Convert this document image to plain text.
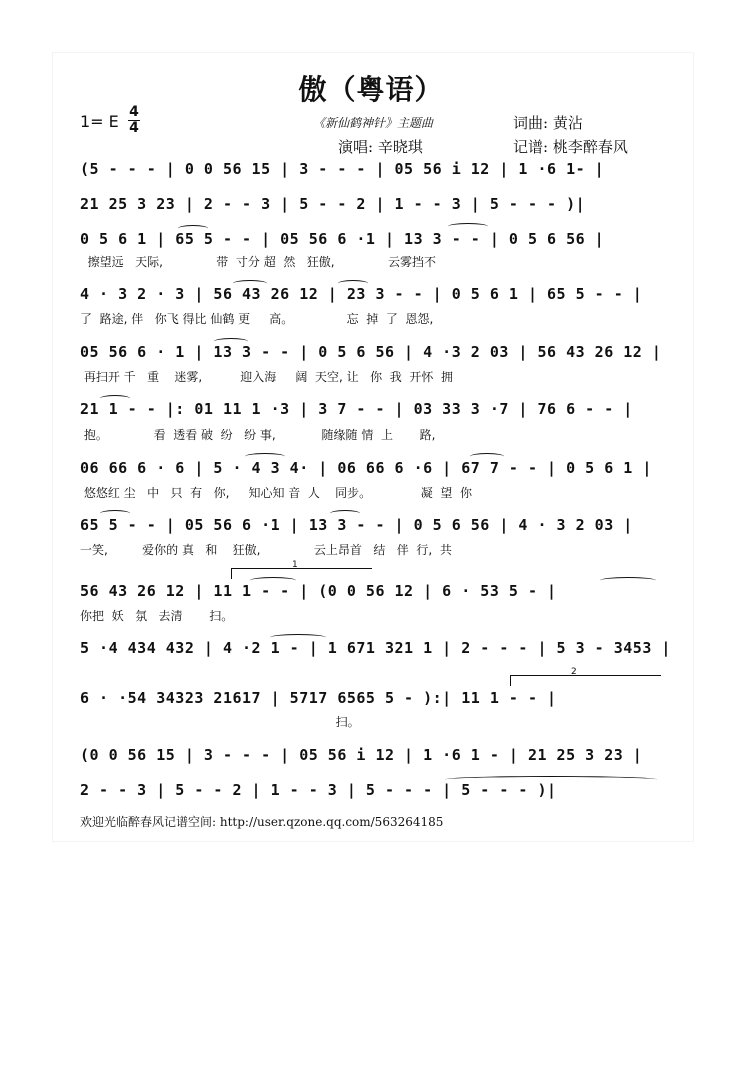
傲（粤语）
1= E 4
4	《新仙鹤神针》主题曲	词曲: 黄沾
演唱: 辛晓琪	记谱: 桃李醉春风
(5 - - - | 0 0 56 15 | 3 - - - | 05 56 i 12 | 1 ·6 1- |
21 25 3 23 | 2 - - 3 | 5 - - 2 | 1 - - 3 | 5 - - - )|
0 5 6 1 | 65 5 - - | 05 56 6 ·1 | 13 3 - - | 0 5 6 56 |
擦望远   天际,              带  寸分 超  然   狂傲,              云雾挡不
4 · 3 2 · 3 | 56 43 26 12 | 23 3 - - | 0 5 6 1 | 65 5 - - |
了  路途, 伴   你飞 得比 仙鹤 更     高。              忘  掉  了  恩怨,
05 56 6 · 1 | 13 3 - - | 0 5 6 56 | 4 ·3 2 03 | 56 43 26 12 |
再扫开 千   重    迷雾,          迎入海     阔  天空, 让   你  我  开怀  拥
21 1 - - |: 01 11 1 ·3 | 3 7 - - | 03 33 3 ·7 | 76 6 - - |
抱。            看  透看 破  纷   纷 事,            随缘随 情  上       路,
06 66 6 · 6 | 5 · 4 3 4· | 06 66 6 ·6 | 67 7 - - | 0 5 6 1 |
悠悠红 尘   中   只  有   你,     知心知 音  人    同步。             凝  望  你
65 5 - - | 05 56 6 ·1 | 13 3 - - | 0 5 6 56 | 4 · 3 2 03 |
一笑,         爱你的 真   和    狂傲,              云上昂首   结   伴  行,  共
1
56 43 26 12 | 11 1 - - | (0 0 56 12 | 6 · 53 5 - |
你把  妖   氛   去清       扫。
5 ·4 434 432 | 4 ·2 1 - | 1 671 321 1 | 2 - - - | 5 3 - 3453 |
2
6 · ·54 34323 21617 | 5717 6565 5 - ):| 11 1 - - |
扫。
(0 0 56 15 | 3 - - - | 05 56 i 12 | 1 ·6 1 - | 21 25 3 23 |
2 - - 3 | 5 - - 2 | 1 - - 3 | 5 - - - | 5 - - - )|
欢迎光临醉春风记谱空间: http://user.qzone.qq.com/563264185
